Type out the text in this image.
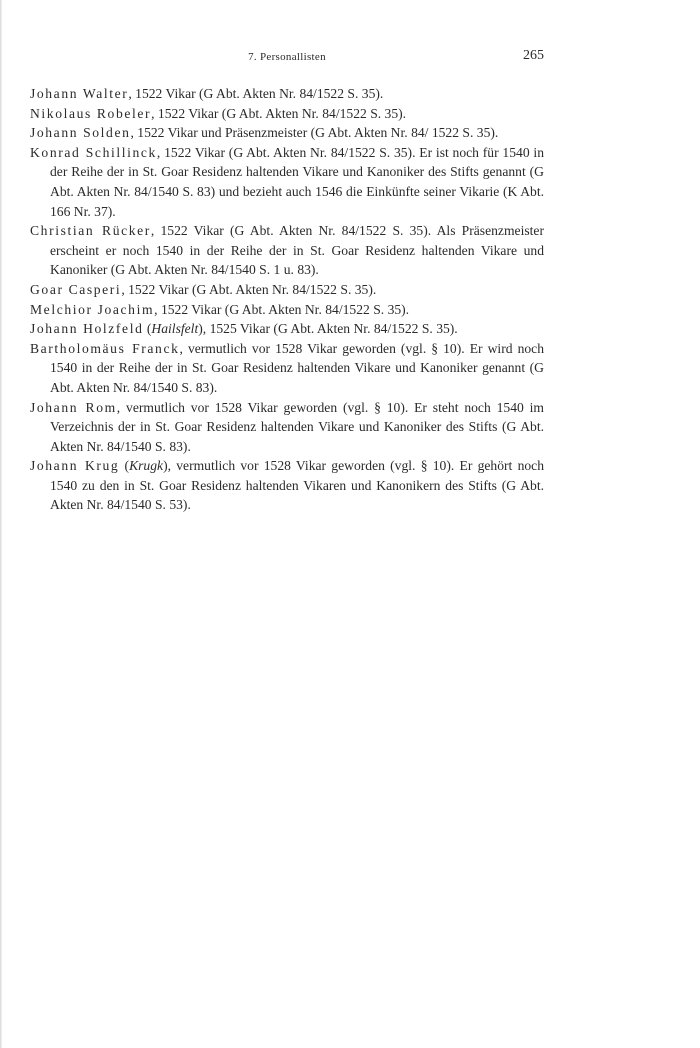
7. Personallisten	265

Johann Walter, 1522 Vikar (G Abt. Akten Nr. 84/1522 S. 35).

Nikolaus Robeler, 1522 Vikar (G Abt. Akten Nr. 84/1522 S. 35).

Johann Solden, 1522 Vikar und Präsenzmeister (G Abt. Akten Nr. 84/ 1522 S. 35).

Konrad Schillinck, 1522 Vikar (G Abt. Akten Nr. 84/1522 S. 35). Er ist noch für 1540 in der Reihe der in St. Goar Residenz haltenden Vikare und Kanoniker des Stifts genannt (G Abt. Akten Nr. 84/1540 S. 83) und bezieht auch 1546 die Einkünfte seiner Vikarie (K Abt. 166 Nr. 37).

Christian Rücker, 1522 Vikar (G Abt. Akten Nr. 84/1522 S. 35). Als Präsenzmeister erscheint er noch 1540 in der Reihe der in St. Goar Residenz haltenden Vikare und Kanoniker (G Abt. Akten Nr. 84/1540 S. 1 u. 83).

Goar Casperi, 1522 Vikar (G Abt. Akten Nr. 84/1522 S. 35).

Melchior Joachim, 1522 Vikar (G Abt. Akten Nr. 84/1522 S. 35).

Johann Holzfeld (Hailsfelt), 1525 Vikar (G Abt. Akten Nr. 84/1522 S. 35).

Bartholomäus Franck, vermutlich vor 1528 Vikar geworden (vgl. § 10). Er wird noch 1540 in der Reihe der in St. Goar Residenz haltenden Vikare und Kanoniker genannt (G Abt. Akten Nr. 84/1540 S. 83).

Johann Rom, vermutlich vor 1528 Vikar geworden (vgl. § 10). Er steht noch 1540 im Verzeichnis der in St. Goar Residenz haltenden Vikare und Kanoniker des Stifts (G Abt. Akten Nr. 84/1540 S. 83).

Johann Krug (Krugk), vermutlich vor 1528 Vikar geworden (vgl. § 10). Er gehört noch 1540 zu den in St. Goar Residenz haltenden Vikaren und Kanonikern des Stifts (G Abt. Akten Nr. 84/1540 S. 53).
